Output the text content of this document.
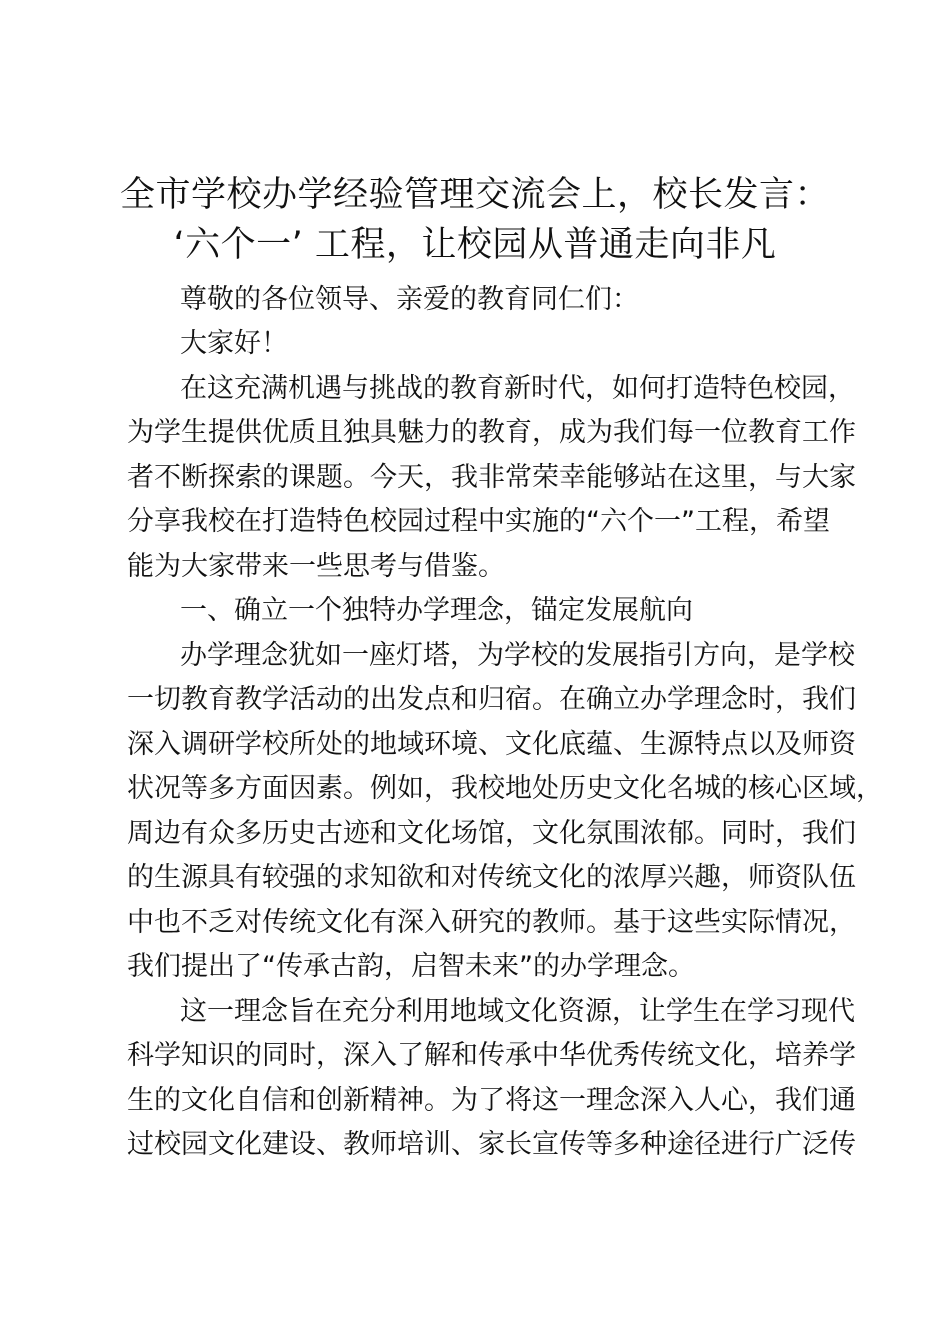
全市学校办学经验管理交流会上，校长发言：
‘六个一’ 工程，让校园从普通走向非凡
尊敬的各位领导、亲爱的教育同仁们：
大家好！
在这充满机遇与挑战的教育新时代，如何打造特色校园，
为学生提供优质且独具魅力的教育，成为我们每一位教育工作
者不断探索的课题。今天，我非常荣幸能够站在这里，与大家
分享我校在打造特色校园过程中实施的“六个一”工程，希望
能为大家带来一些思考与借鉴。
一、确立一个独特办学理念，锚定发展航向
办学理念犹如一座灯塔，为学校的发展指引方向，是学校
一切教育教学活动的出发点和归宿。在确立办学理念时，我们
深入调研学校所处的地域环境、文化底蕴、生源特点以及师资
状况等多方面因素。例如，我校地处历史文化名城的核心区域，
周边有众多历史古迹和文化场馆，文化氛围浓郁。同时，我们
的生源具有较强的求知欲和对传统文化的浓厚兴趣，师资队伍
中也不乏对传统文化有深入研究的教师。基于这些实际情况，
我们提出了“传承古韵，启智未来”的办学理念。
这一理念旨在充分利用地域文化资源，让学生在学习现代
科学知识的同时，深入了解和传承中华优秀传统文化，培养学
生的文化自信和创新精神。为了将这一理念深入人心，我们通
过校园文化建设、教师培训、家长宣传等多种途径进行广泛传
